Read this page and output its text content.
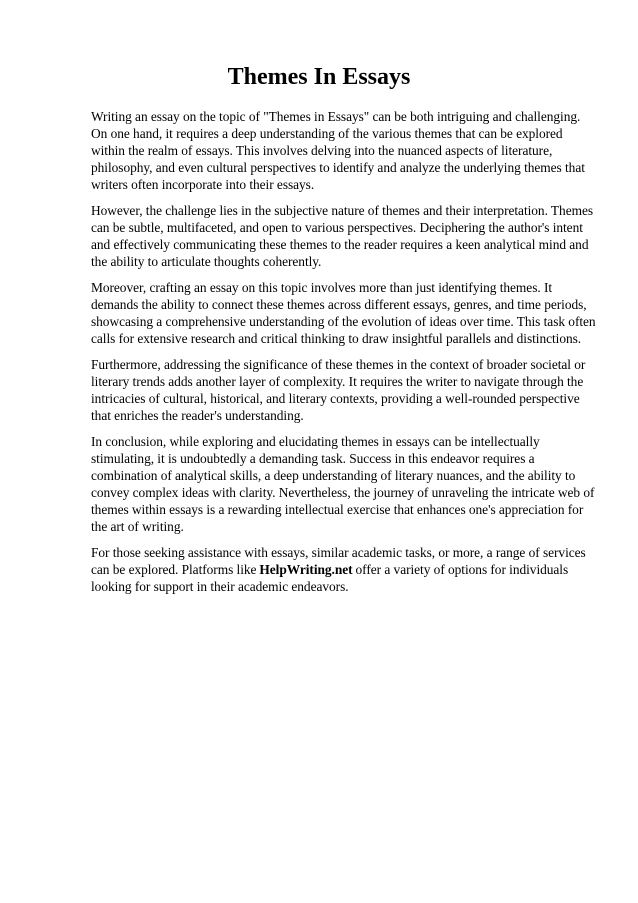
Themes In Essays

Writing an essay on the topic of "Themes in Essays" can be both intriguing and challenging. On one hand, it requires a deep understanding of the various themes that can be explored within the realm of essays. This involves delving into the nuanced aspects of literature, philosophy, and even cultural perspectives to identify and analyze the underlying themes that writers often incorporate into their essays.

However, the challenge lies in the subjective nature of themes and their interpretation. Themes can be subtle, multifaceted, and open to various perspectives. Deciphering the author's intent and effectively communicating these themes to the reader requires a keen analytical mind and the ability to articulate thoughts coherently.

Moreover, crafting an essay on this topic involves more than just identifying themes. It demands the ability to connect these themes across different essays, genres, and time periods, showcasing a comprehensive understanding of the evolution of ideas over time. This task often calls for extensive research and critical thinking to draw insightful parallels and distinctions.

Furthermore, addressing the significance of these themes in the context of broader societal or literary trends adds another layer of complexity. It requires the writer to navigate through the intricacies of cultural, historical, and literary contexts, providing a well-rounded perspective that enriches the reader's understanding.

In conclusion, while exploring and elucidating themes in essays can be intellectually stimulating, it is undoubtedly a demanding task. Success in this endeavor requires a combination of analytical skills, a deep understanding of literary nuances, and the ability to convey complex ideas with clarity. Nevertheless, the journey of unraveling the intricate web of themes within essays is a rewarding intellectual exercise that enhances one's appreciation for the art of writing.

For those seeking assistance with essays, similar academic tasks, or more, a range of services can be explored. Platforms like HelpWriting.net offer a variety of options for individuals looking for support in their academic endeavors.
